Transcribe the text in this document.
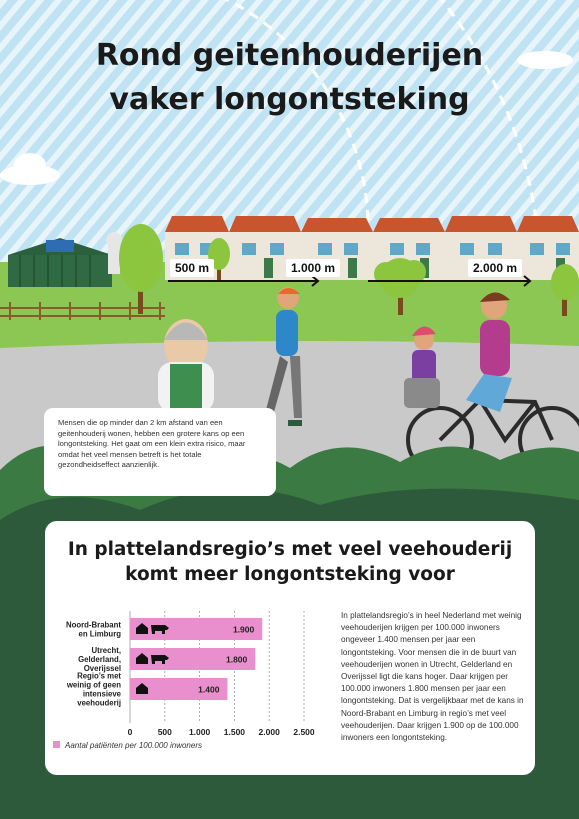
Rond geitenhouderijen
vaker longontsteking
500 m	1.000 m	2.000 m
Mensen die op minder dan 2 km afstand van een geitenhouderij wonen, hebben een grotere kans op een longontsteking. Het gaat om een klein extra risico, maar omdat het veel mensen betreft is het totale gezondheidseffect aanzienlijk.
In plattelandsregio’s met veel veehouderij
komt meer longontsteking voor
0	500 1.000 1.500 2.000 2.500
1.900
Noord-Brabant
en Limburg
1.800
Utrecht,
Gelderland,
Overijssel
1.400
Regio’s met
weinig of geen
intensieve
veehouderij
Aantal patiënten per 100.000 inwoners

In plattelandsregio’s in heel Nederland met weinig veehouderijen krijgen per 100.000 inwoners ongeveer 1.400 mensen per jaar een longontsteking. Voor mensen die in de buurt van veehouderijen wonen in Utrecht, Gelderland en Overijssel ligt die kans hoger. Daar krijgen per 100.000 inwoners 1.800 mensen per jaar een longontsteking. Dat is vergelijkbaar met de kans in Noord-Brabant en Limburg in regio’s met veel veehouderijen. Daar krijgen 1.900 op de 100.000 inwoners een longontsteking.
